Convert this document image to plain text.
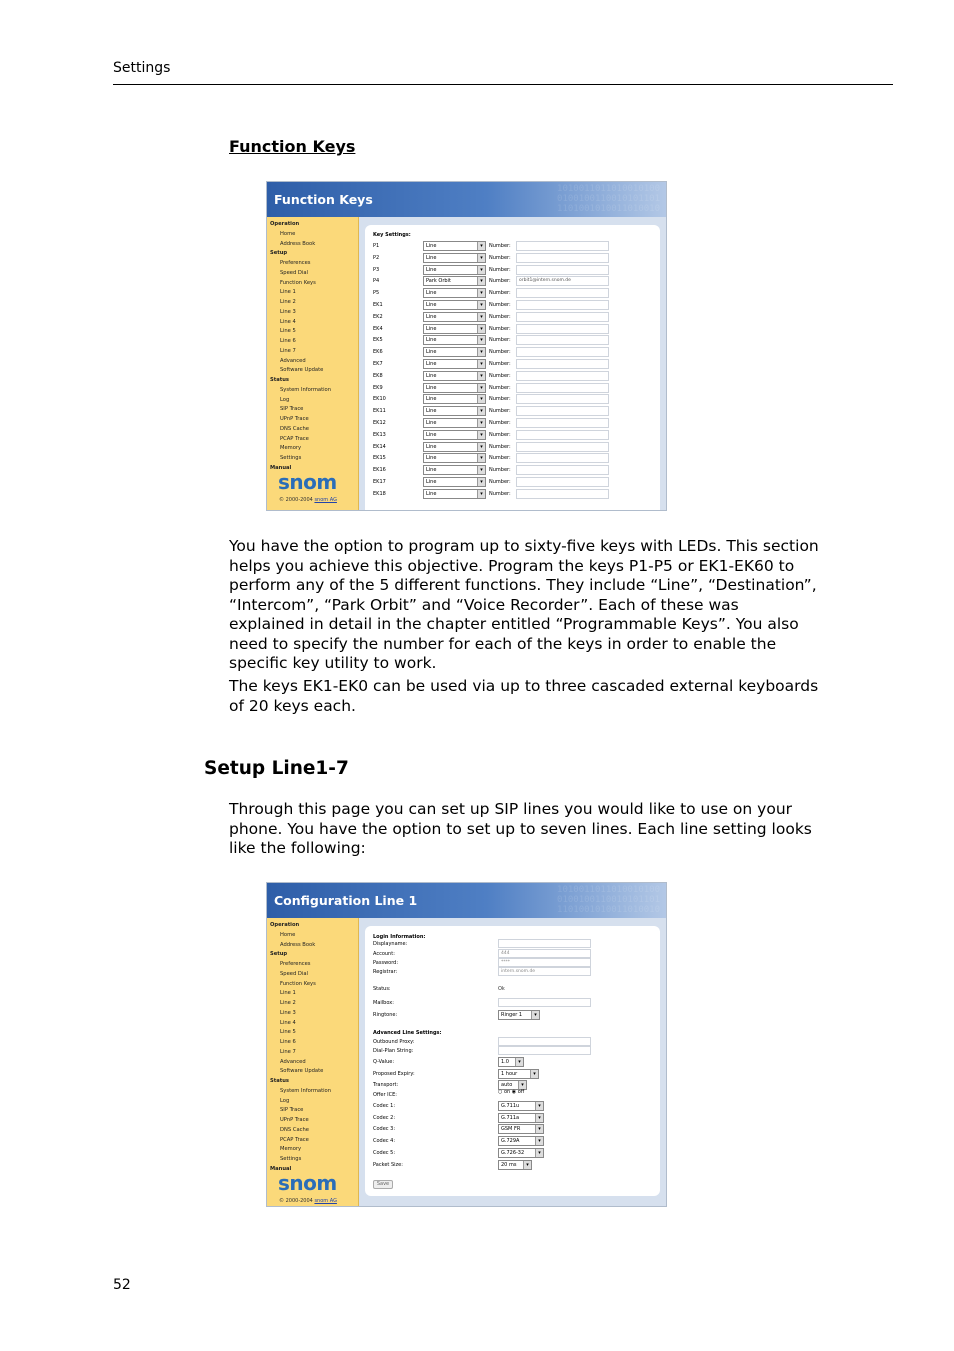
Settings
Function Keys
1010011011010010100
0100100110010101101
1101001010011010010
Function Keys
Operation
Home
Address Book
Setup
Preferences
Speed Dial
Function Keys
Line 1
Line 2
Line 3
Line 4
Line 5
Line 6
Line 7
Advanced
Software Update
Status
System Information
Log
SIP Trace
UPnP Trace
DNS Cache
PCAP Trace
Memory
Settings
Manual
snom
© 2000-2004 snom AG
Key Settings:
P1	Line ▾	Number:
P2	Line ▾	Number:
P3	Line ▾	Number:
P4	Park Orbit ▾	Number:	orbit1@intern.snom.de
P5	Line ▾	Number:
EK1	Line ▾	Number:
EK2	Line ▾	Number:
EK4	Line ▾	Number:
EK5	Line ▾	Number:
EK6	Line ▾	Number:
EK7	Line ▾	Number:
EK8	Line ▾	Number:
EK9	Line ▾	Number:
EK10	Line ▾	Number:
EK11	Line ▾	Number:
EK12	Line ▾	Number:
EK13	Line ▾	Number:
EK14	Line ▾	Number:
EK15	Line ▾	Number:
EK16	Line ▾	Number:
EK17	Line ▾	Number:
EK18	Line ▾	Number:
You have the option to program up to sixty-five keys with LEDs. This section helps you achieve this objective. Program the keys P1-P5 or EK1-EK60 to perform any of the 5 different functions. They include “Line”, “Destination”, “Intercom”, “Park Orbit” and “Voice Recorder”. Each of these was explained in detail in the chapter entitled “Programmable Keys”. You also need to specify the number for each of the keys in order to enable the specific key utility to work.
The keys EK1-EK0 can be used via up to three cascaded external keyboards of 20 keys each.
Setup Line1-7
Through this page you can set up SIP lines you would like to use on your phone. You have the option to set up to seven lines. Each line setting looks like the following:
1010011011010010100
0100100110010101101
1101001010011010010
Configuration Line 1
Operation
Home
Address Book
Setup
Preferences
Speed Dial
Function Keys
Line 1
Line 2
Line 3
Line 4
Line 5
Line 6
Line 7
Advanced
Software Update
Status
System Information
Log
SIP Trace
UPnP Trace
DNS Cache
PCAP Trace
Memory
Settings
Manual
snom
© 2000-2004 snom AG
Login Information:
Displayname:
Account:	444
Password:	****
Registrar:	intern.snom.de
Status:	Ok
Mailbox:
Ringtone:	Ringer 1 ▾
Advanced Line Settings:
Outbound Proxy:
Dial-Plan String:
Q-Value:	1.0 ▾
Proposed Expiry:	1 hour ▾
Transport:	auto ▾
Offer ICE:	○ on ◉ off
Codec 1:	G.711u ▾
Codec 2:	G.711a ▾
Codec 3:	GSM FR ▾
Codec 4:	G.729A ▾
Codec 5:	G.726-32 ▾
Packet Size:	20 ms ▾
Save
52
